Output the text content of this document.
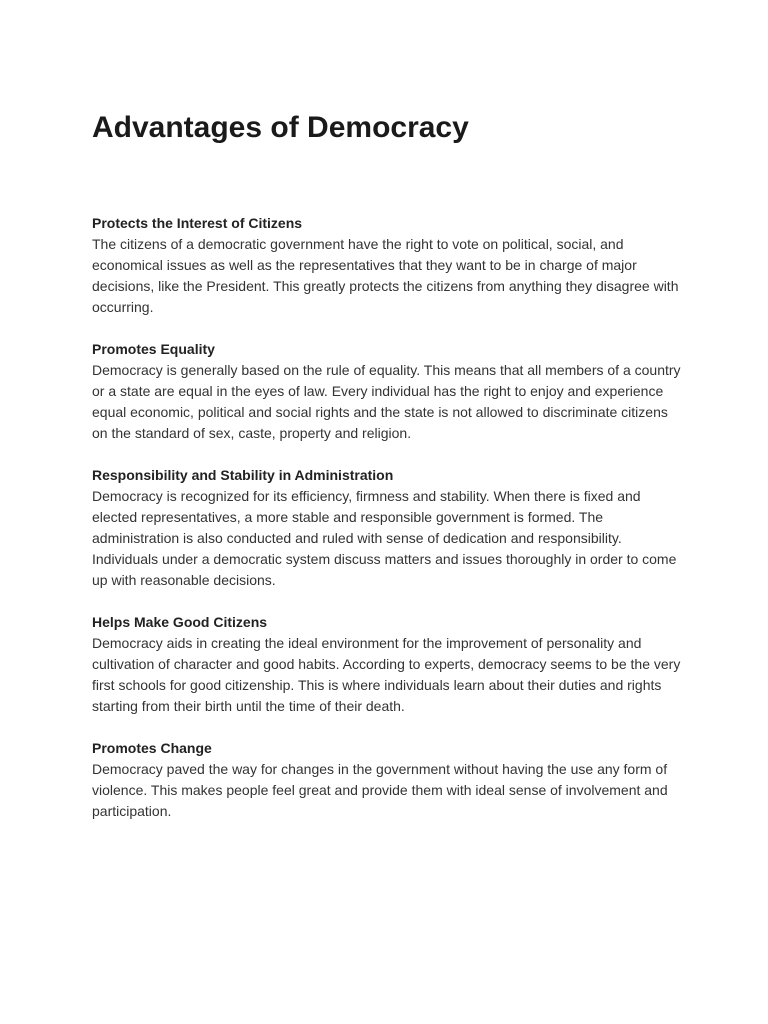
Advantages of Democracy

Protects the Interest of Citizens

The citizens of a democratic government have the right to vote on political, social, and economical issues as well as the representatives that they want to be in charge of major decisions, like the President. This greatly protects the citizens from anything they disagree with occurring.

Promotes Equality

Democracy is generally based on the rule of equality. This means that all members of a country or a state are equal in the eyes of law. Every individual has the right to enjoy and experience equal economic, political and social rights and the state is not allowed to discriminate citizens on the standard of sex, caste, property and religion.

Responsibility and Stability in Administration

Democracy is recognized for its efficiency, firmness and stability. When there is fixed and elected representatives, a more stable and responsible government is formed. The administration is also conducted and ruled with sense of dedication and responsibility. Individuals under a democratic system discuss matters and issues thoroughly in order to come up with reasonable decisions.

Helps Make Good Citizens

Democracy aids in creating the ideal environment for the improvement of personality and cultivation of character and good habits. According to experts, democracy seems to be the very first schools for good citizenship. This is where individuals learn about their duties and rights starting from their birth until the time of their death.

Promotes Change

Democracy paved the way for changes in the government without having the use any form of violence. This makes people feel great and provide them with ideal sense of involvement and participation.
